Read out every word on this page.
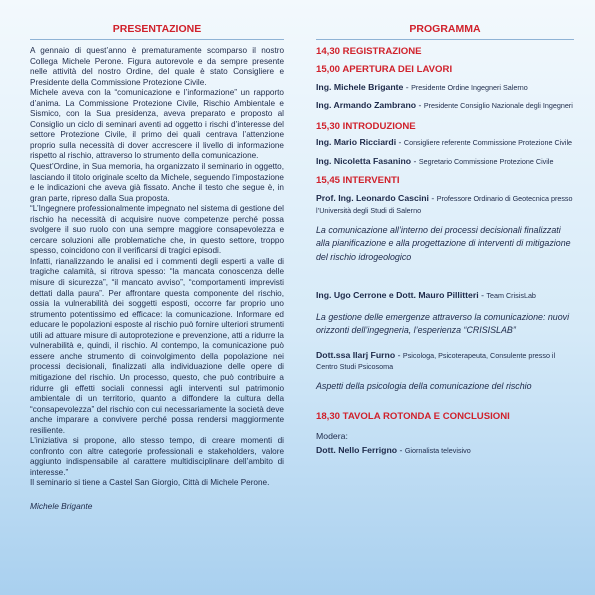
PRESENTAZIONE

A gennaio di quest’anno è prematuramente scomparso il nostro Collega Michele Perone. Figura autorevole e da sempre presente nelle attività del nostro Ordine, del quale è stato Consigliere e Presidente della Commissione Protezione Civile.

Michele aveva con la “comunicazione e l’informazione” un rapporto d’anima. La Commissione Protezione Civile, Rischio Ambientale e Sismico, con la Sua presidenza, aveva preparato e proposto al Consiglio un ciclo di seminari aventi ad oggetto i rischi d’interesse del settore Protezione Civile, il primo dei quali centrava l’attenzione proprio sulla necessità di dover accrescere il livello di informazione rispetto al rischio, attraverso lo strumento della comunicazione.

Quest’Ordine, in Sua memoria, ha organizzato il seminario in oggetto, lasciando il titolo originale scelto da Michele, seguendo l’impostazione e le indicazioni che aveva già fissato. Anche il testo che segue è, in gran parte, ripreso dalla Sua proposta.

“L’Ingegnere professionalmente impegnato nel sistema di gestione del rischio ha necessità di acquisire nuove competenze perché possa svolgere il suo ruolo con una sempre maggiore consapevolezza e cercare soluzioni alle problematiche che, in questo settore, troppo spesso, coincidono con il verificarsi di tragici episodi.

Infatti, rianalizzando le analisi ed i commenti degli esperti a valle di tragiche calamità, si ritrova spesso: “la mancata conoscenza delle misure di sicurezza”, “il mancato avviso”, “comportamenti imprevisti dettati dalla paura”. Per affrontare questa componente del rischio, ossia la vulnerabilità dei soggetti esposti, occorre far proprio uno strumento potentissimo ed efficace: la comunicazione. Informare ed educare le popolazioni esposte al rischio può fornire ulteriori strumenti utili ad attuare misure di autoprotezione e prevenzione, atti a ridurre la vulnerabilità e, quindi, il rischio. Al contempo, la comunicazione può essere anche strumento di coinvolgimento della popolazione nei processi decisionali, finalizzati alla individuazione delle opere di mitigazione del rischio. Un processo, questo, che può contribuire a ridurre gli effetti sociali connessi agli interventi sul patrimonio ambientale di un territorio, quanto a diffondere la cultura della “consapevolezza” del rischio con cui necessariamente la società deve anche imparare a convivere perché possa rendersi maggiormente resiliente.

L’iniziativa si propone, allo stesso tempo, di creare momenti di confronto con altre categorie professionali e stakeholders, valore aggiunto indispensabile al carattere multidisciplinare dell’ambito di interesse.”

Il seminario si tiene a Castel San Giorgio, Città di Michele Perone.

Michele Brigante
PROGRAMMA

14,30 REGISTRAZIONE

15,00 APERTURA DEI LAVORI

Ing. Michele Brigante - Presidente Ordine Ingegneri Salerno

Ing. Armando Zambrano - Presidente Consiglio Nazionale degli Ingegneri

15,30 INTRODUZIONE

Ing. Mario Ricciardi - Consigliere referente Commissione Protezione Civile

Ing. Nicoletta Fasanino - Segretario Commissione Protezione Civile

15,45 INTERVENTI

Prof. Ing. Leonardo Cascini - Professore Ordinario di Geotecnica presso l’Università degli Studi di Salerno

La comunicazione all’interno dei processi decisionali finalizzati alla pianificazione e alla progettazione di interventi di mitigazione del rischio idrogeologico

Ing. Ugo Cerrone e Dott. Mauro Pillitteri - Team CrisisLab

La gestione delle emergenze attraverso la comunicazione: nuovi orizzonti dell’ingegneria, l’esperienza “CRISISLAB”

Dott.ssa Ilarj Furno - Psicologa, Psicoterapeuta, Consulente presso il Centro Studi Psicosoma

Aspetti della psicologia della comunicazione del rischio

18,30 TAVOLA ROTONDA E CONCLUSIONI

Modera:

Dott. Nello Ferrigno - Giornalista televisivo
